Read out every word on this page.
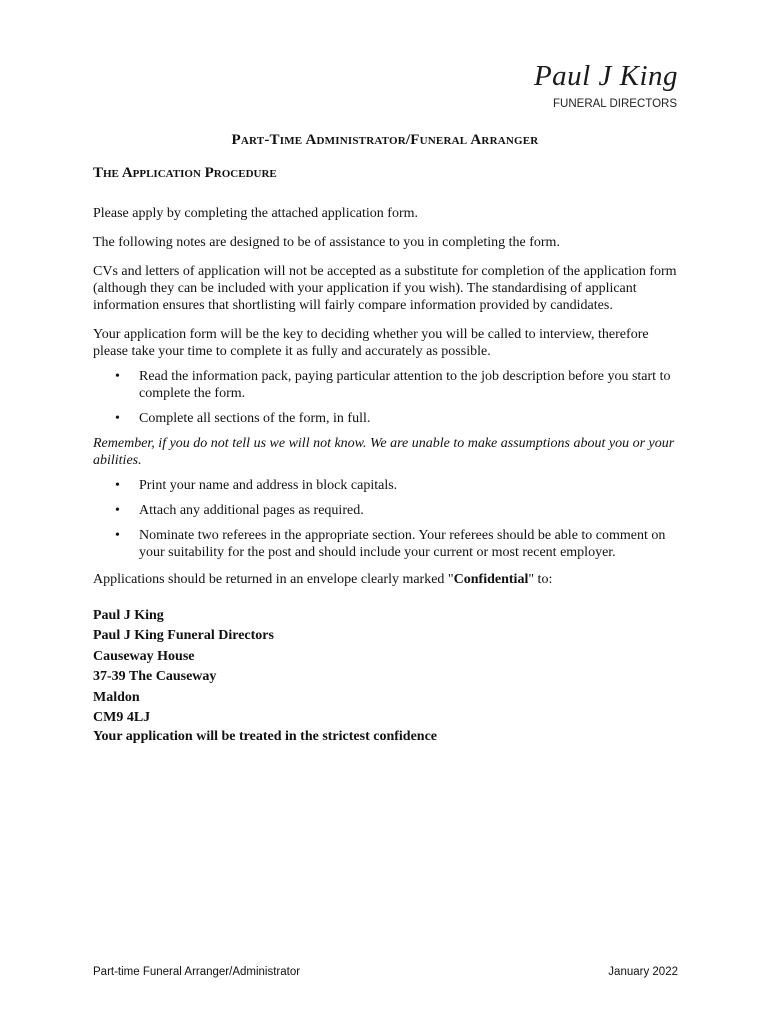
Paul J King
FUNERAL DIRECTORS
Part-Time Administrator/Funeral Arranger
The Application Procedure

Please apply by completing the attached application form.

The following notes are designed to be of assistance to you in completing the form.

CVs and letters of application will not be accepted as a substitute for completion of the application form (although they can be included with your application if you wish). The standardising of applicant information ensures that shortlisting will fairly compare information provided by candidates.

Your application form will be the key to deciding whether you will be called to interview, therefore please take your time to complete it as fully and accurately as possible.

• Read the information pack, paying particular attention to the job description before you start to complete the form.
• Complete all sections of the form, in full.

Remember, if you do not tell us we will not know. We are unable to make assumptions about you or your abilities.

• Print your name and address in block capitals.
• Attach any additional pages as required.
• Nominate two referees in the appropriate section. Your referees should be able to comment on your suitability for the post and should include your current or most recent employer.

Applications should be returned in an envelope clearly marked "Confidential" to:

Paul J King
Paul J King Funeral Directors
Causeway House
37-39 The Causeway
Maldon
CM9 4LJ

Your application will be treated in the strictest confidence

Part-time Funeral Arranger/Administrator	January 2022
